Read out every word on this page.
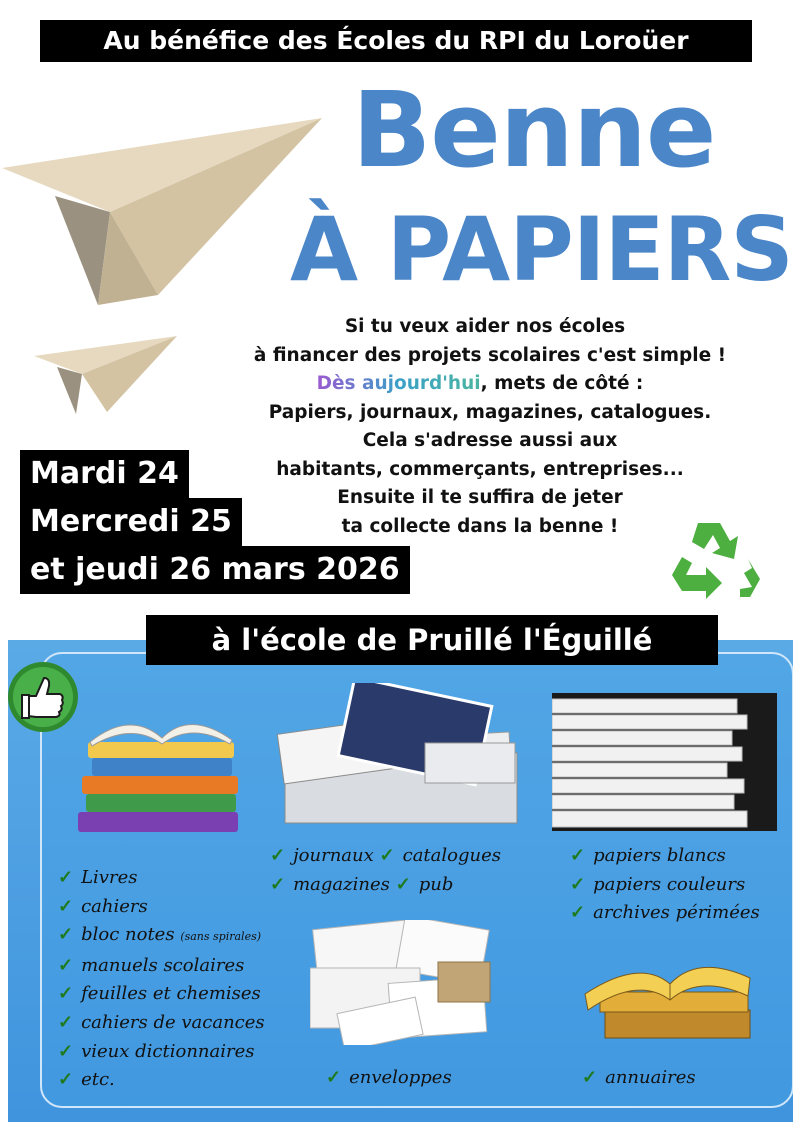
Au bénéfice des Écoles du RPI du Loroüer
Benne
À PAPIERS
Si tu veux aider nos écoles
à financer des projets scolaires c'est simple !
Dès aujourd'hui, mets de côté :
Papiers, journaux, magazines, catalogues.
Cela s'adresse aussi aux
habitants, commerçants, entreprises...
Ensuite il te suffira de jeter
ta collecte dans la benne !
Mardi 24
Mercredi 25
et jeudi 26 mars 2026
à l'école de Pruillé l'Éguillé
✓ Livres
✓ cahiers
✓ bloc notes (sans spirales)
✓ manuels scolaires
✓ feuilles et chemises
✓ cahiers de vacances
✓ vieux dictionnaires
✓ etc.
✓ journaux ✓ catalogues
✓ magazines ✓ pub
✓ papiers blancs
✓ papiers couleurs
✓ archives périmées
✓ enveloppes	✓ annuaires
